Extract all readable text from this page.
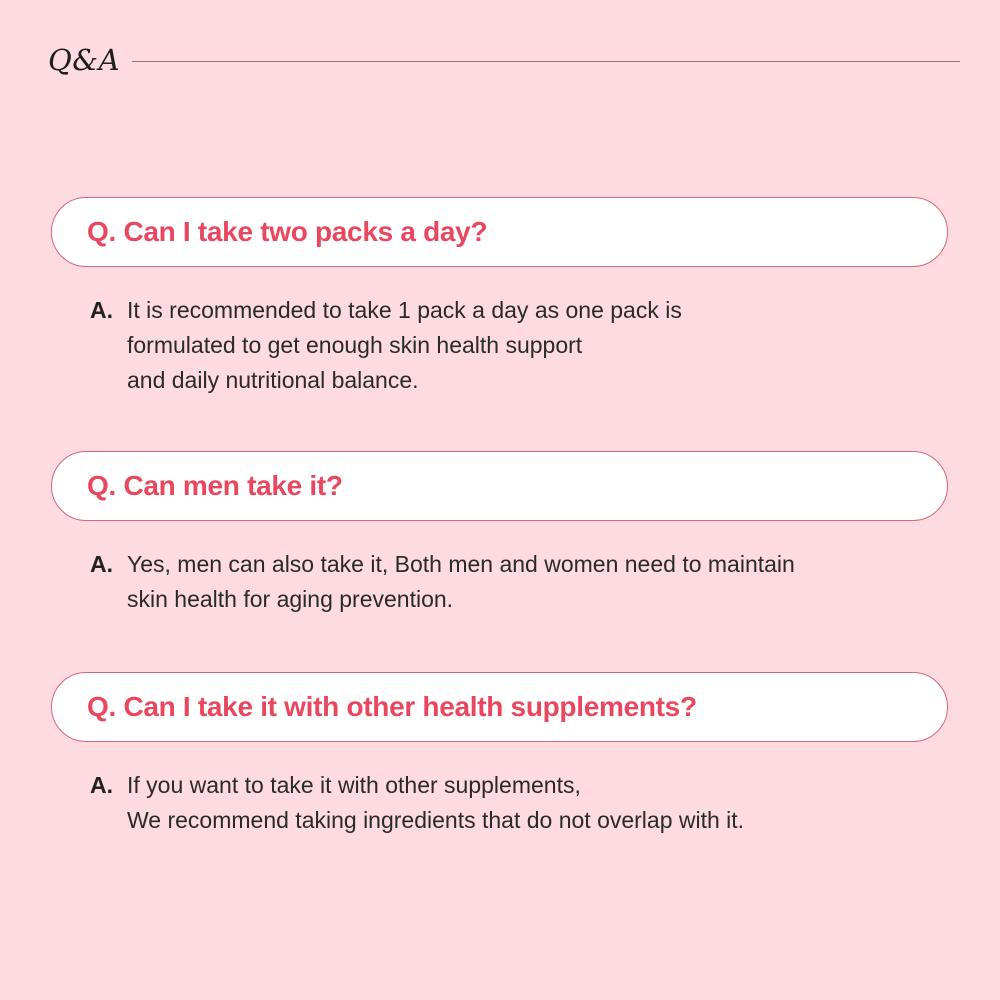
Q&A
Q. Can I take two packs a day?
A. It is recommended to take 1 pack a day as one pack is
formulated to get enough skin health support
and daily nutritional balance.
Q. Can men take it?
A. Yes, men can also take it, Both men and women need to maintain
skin health for aging prevention.
Q. Can I take it with other health supplements?
A. If you want to take it with other supplements,
We recommend taking ingredients that do not overlap with it.
